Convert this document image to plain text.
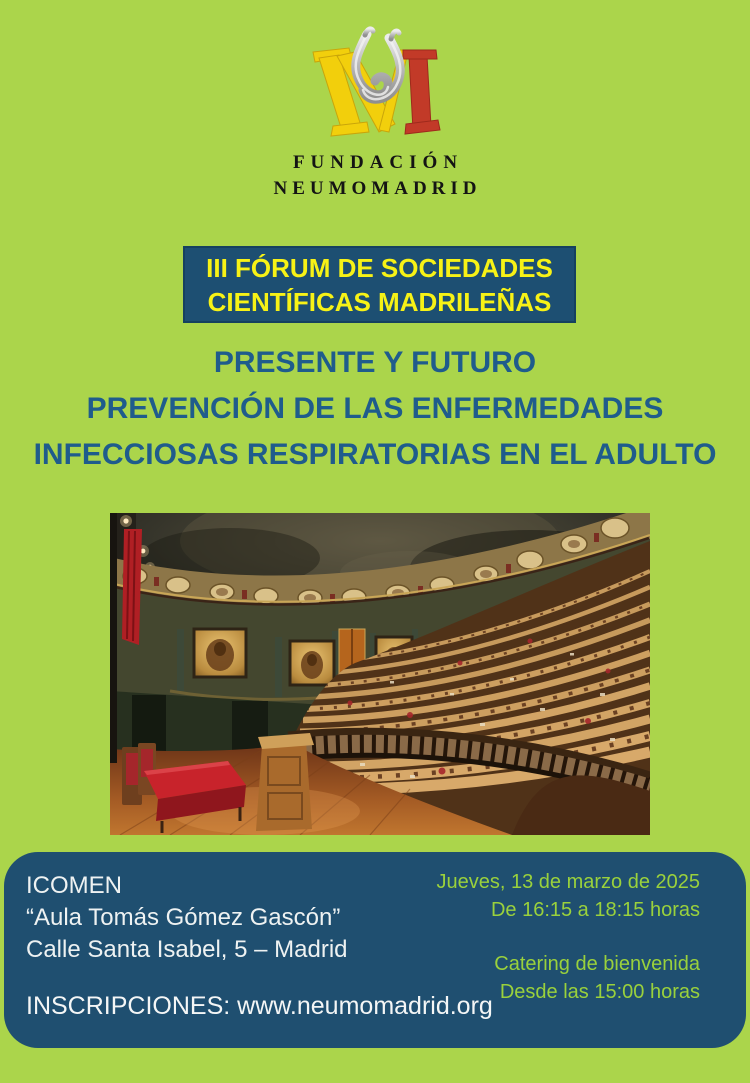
FUNDACIÓN
NEUMOMADRID
III FÓRUM DE SOCIEDADES
CIENTÍFICAS MADRILEÑAS
PRESENTE Y FUTURO
PREVENCIÓN DE LAS ENFERMEDADES
INFECCIOSAS RESPIRATORIAS EN EL ADULTO
ICOMEN
“Aula Tomás Gómez Gascón”
Calle Santa Isabel, 5 – Madrid
INSCRIPCIONES: www.neumomadrid.org
Jueves, 13 de marzo de 2025
De 16:15 a 18:15 horas
Catering de bienvenida
Desde las 15:00 horas
